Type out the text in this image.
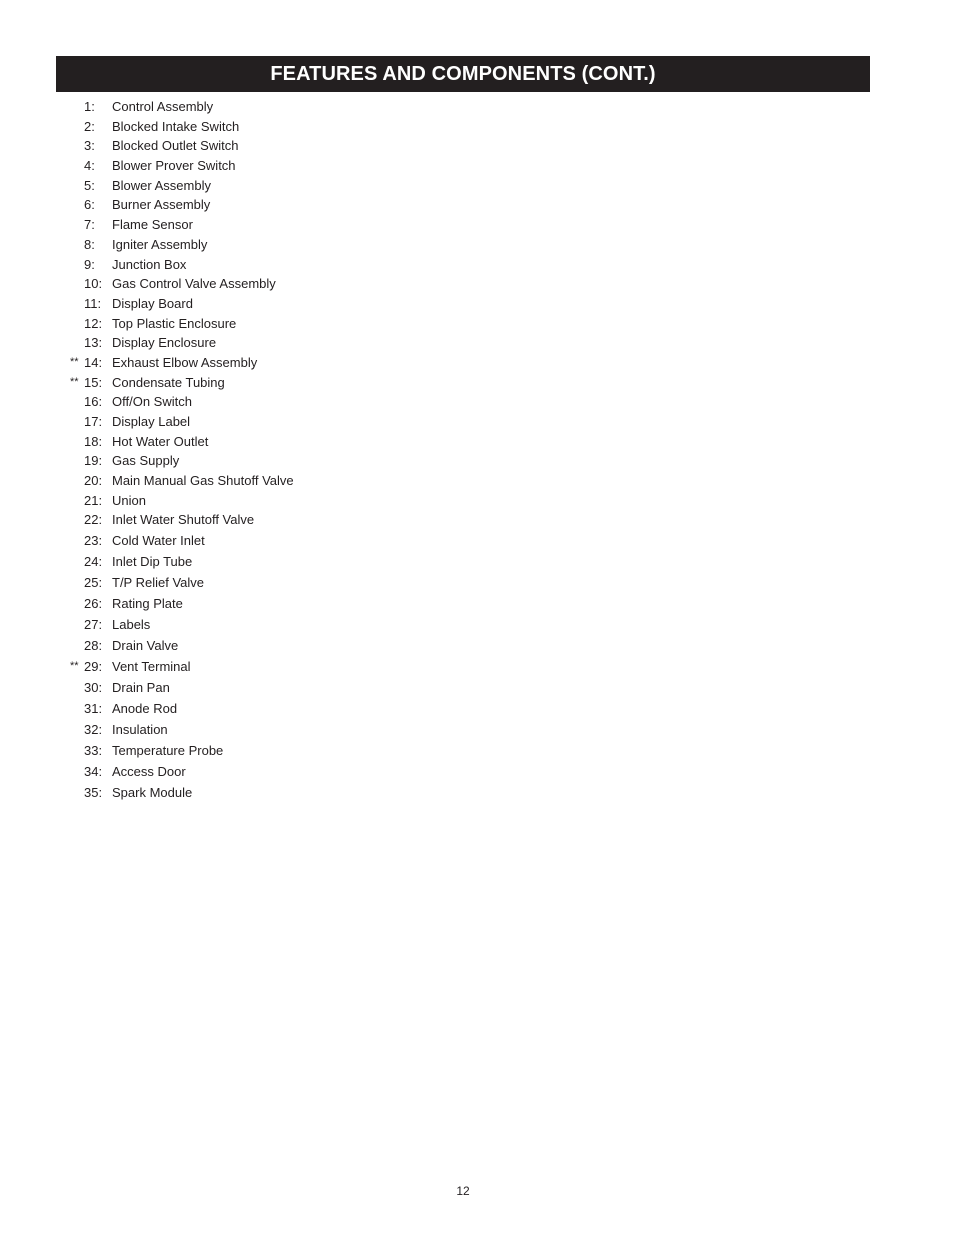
FEATURES AND COMPONENTS (CONT.)
1:	Control Assembly
2:	Blocked Intake Switch
3:	Blocked Outlet Switch
4:	Blower Prover Switch
5:	Blower Assembly
6:	Burner Assembly
7:	Flame Sensor
8:	Igniter Assembly
9:	Junction Box
10: Gas Control Valve Assembly
11: Display Board
12: Top Plastic Enclosure
13: Display Enclosure
** 14: Exhaust Elbow Assembly
** 15: Condensate Tubing
16: Off/On Switch
17: Display Label
18: Hot Water Outlet
19: Gas Supply
20: Main Manual Gas Shutoff Valve
21: Union
22: Inlet Water Shutoff Valve
23: Cold Water Inlet
24: Inlet Dip Tube
25: T/P Relief Valve
26: Rating Plate
27: Labels
28: Drain Valve
** 29: Vent Terminal
30: Drain Pan
31: Anode Rod
32: Insulation
33: Temperature Probe
34: Access Door
35: Spark Module
12
